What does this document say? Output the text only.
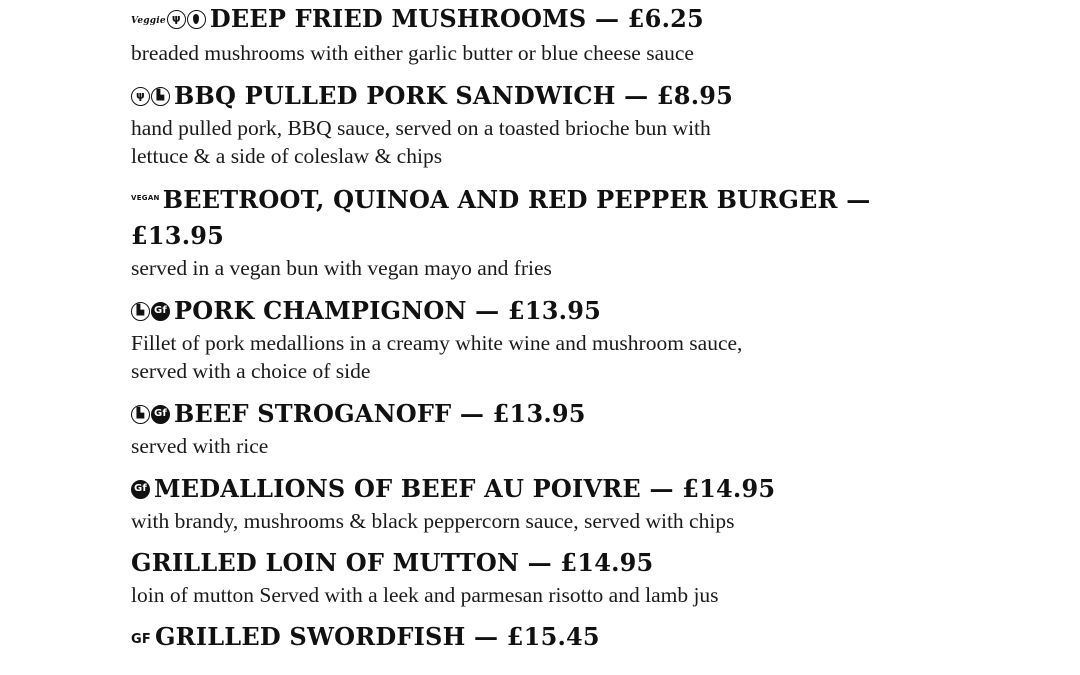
Veggieψ DEEP FRIED MUSHROOMS — £6.25
breaded mushrooms with either garlic butter or blue cheese sauce
ψ▙BBQ PULLED PORK SANDWICH — £8.95
hand pulled pork, BBQ sauce, served on a toasted brioche bun with
lettuce & a side of coleslaw & chips
$^{VEGAN}$ BEETROOT, QUINOA AND RED PEPPER BURGER —
£13.95
served in a vegan bun with vegan mayo and fries
▙Gf PORK CHAMPIGNON — £13.95
Fillet of pork medallions in a creamy white wine and mushroom sauce,
served with a choice of side
▙Gf BEEF STROGANOFF — £13.95
served with rice
Gf MEDALLIONS OF BEEF AU POIVRE — £14.95
with brandy, mushrooms & black peppercorn sauce, served with chips
GRILLED LOIN OF MUTTON — £14.95
loin of mutton Served with a leek and parmesan risotto and lamb jus
GF GRILLED SWORDFISH — £15.45
